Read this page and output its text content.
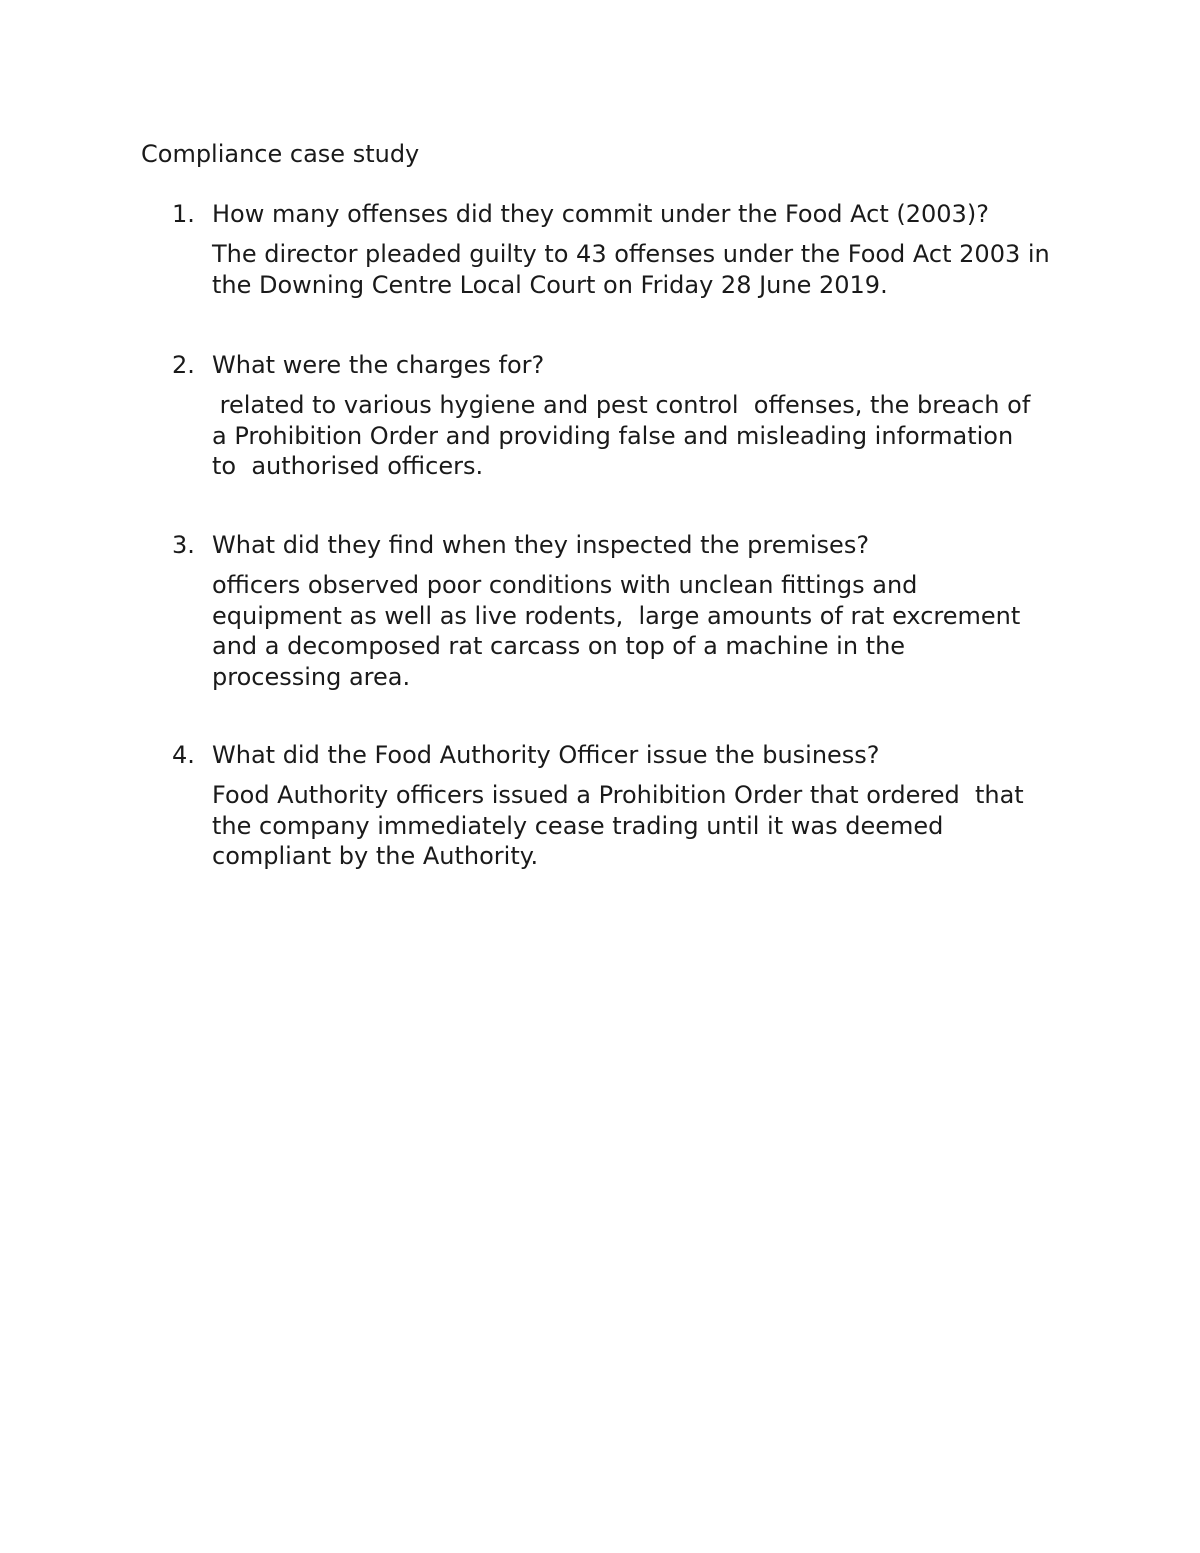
Compliance case study
1. How many offenses did they commit under the Food Act (2003)?
The director pleaded guilty to 43 offenses under the Food Act 2003 in
the Downing Centre Local Court on Friday 28 June 2019.
2. What were the charges for?
related to various hygiene and pest control  offenses, the breach of
a Prohibition Order and providing false and misleading information
to  authorised officers.
3. What did they find when they inspected the premises?
officers observed poor conditions with unclean fittings and
equipment as well as live rodents,  large amounts of rat excrement
and a decomposed rat carcass on top of a machine in the
processing area.
4. What did the Food Authority Officer issue the business?
Food Authority officers issued a Prohibition Order that ordered  that
the company immediately cease trading until it was deemed
compliant by the Authority.
